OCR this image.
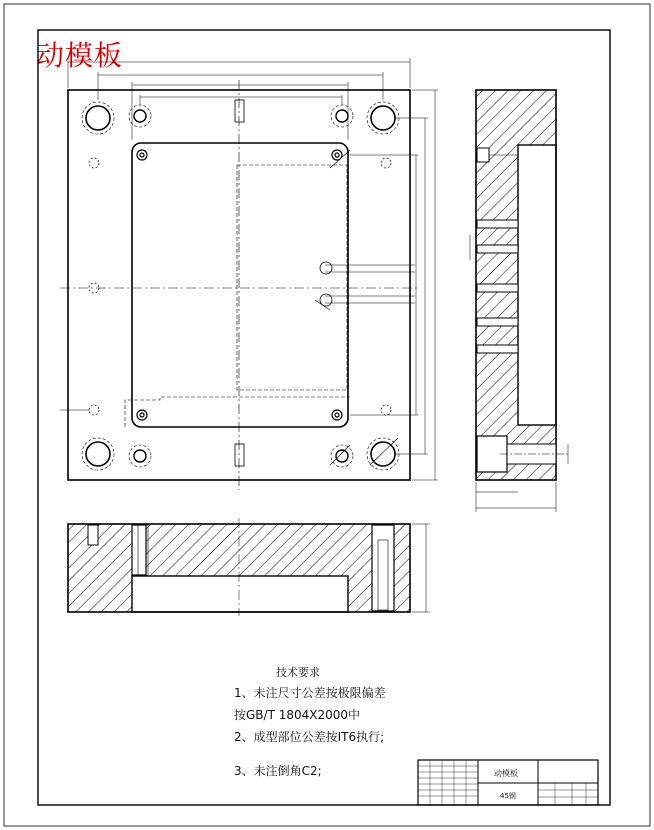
动模板
技术要求
1、未注尺寸公差按极限偏差
按GB/T 1804X2000中
2、成型部位公差按IT6执行;
3、未注倒角C2;	动模板
45钢
